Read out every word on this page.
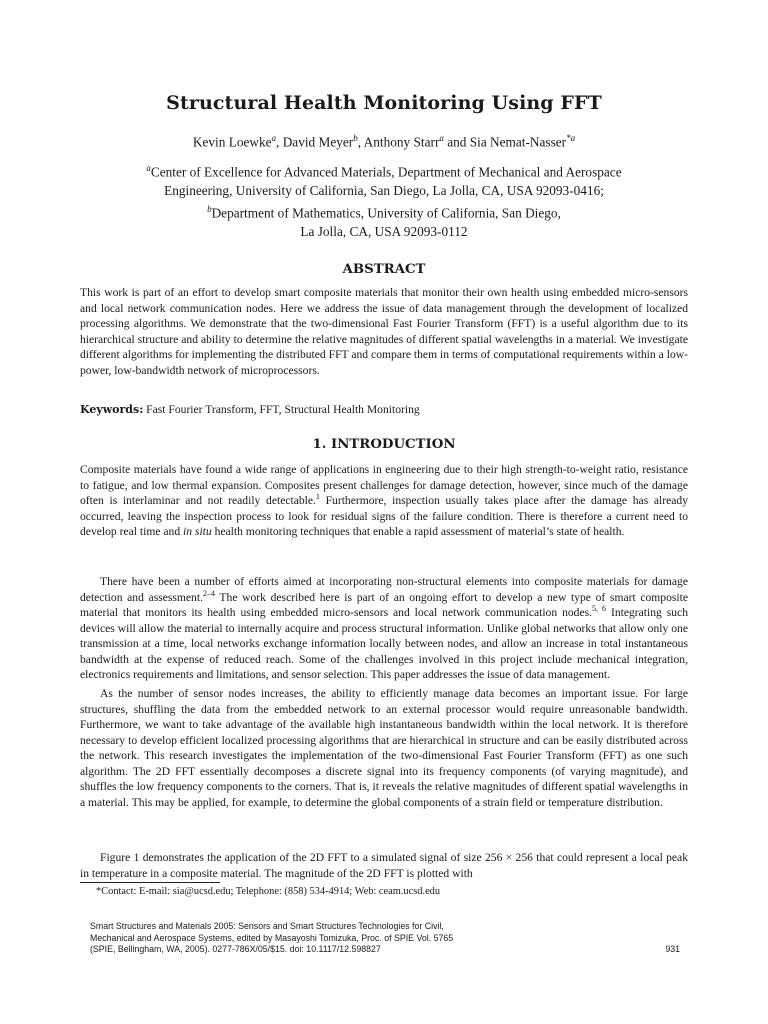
Structural Health Monitoring Using FFT
Kevin Loewke$^a$, David Meyer$^b$, Anthony Starr$^a$ and Sia Nemat-Nasser$^{*a}$
$^a$Center of Excellence for Advanced Materials, Department of Mechanical and Aerospace
Engineering, University of California, San Diego, La Jolla, CA, USA 92093-0416;
$^b$Department of Mathematics, University of California, San Diego,
La Jolla, CA, USA 92093-0112
ABSTRACT
This work is part of an effort to develop smart composite materials that monitor their own health using embedded micro-sensors and local network communication nodes. Here we address the issue of data management through the development of localized processing algorithms. We demonstrate that the two-dimensional Fast Fourier Transform (FFT) is a useful algorithm due to its hierarchical structure and ability to determine the relative magnitudes of different spatial wavelengths in a material. We investigate different algorithms for implementing the distributed FFT and compare them in terms of computational requirements within a low-power, low-bandwidth network of microprocessors.
Keywords: Fast Fourier Transform, FFT, Structural Health Monitoring
1. INTRODUCTION
Composite materials have found a wide range of applications in engineering due to their high strength-to-weight ratio, resistance to fatigue, and low thermal expansion. Composites present challenges for damage detection, however, since much of the damage often is interlaminar and not readily detectable.$^1$ Furthermore, inspection usually takes place after the damage has already occurred, leaving the inspection process to look for residual signs of the failure condition. There is therefore a current need to develop real time and in situ health monitoring techniques that enable a rapid assessment of material’s state of health.
There have been a number of efforts aimed at incorporating non-structural elements into composite materials for damage detection and assessment.$^{2-4}$ The work described here is part of an ongoing effort to develop a new type of smart composite material that monitors its health using embedded micro-sensors and local network communication nodes.$^{5, 6}$ Integrating such devices will allow the material to internally acquire and process structural information. Unlike global networks that allow only one transmission at a time, local networks exchange information locally between nodes, and allow an increase in total instantaneous bandwidth at the expense of reduced reach. Some of the challenges involved in this project include mechanical integration, electronics requirements and limitations, and sensor selection. This paper addresses the issue of data management.
As the number of sensor nodes increases, the ability to efficiently manage data becomes an important issue. For large structures, shuffling the data from the embedded network to an external processor would require unreasonable bandwidth. Furthermore, we want to take advantage of the available high instantaneous bandwidth within the local network. It is therefore necessary to develop efficient localized processing algorithms that are hierarchical in structure and can be easily distributed across the network. This research investigates the implementation of the two-dimensional Fast Fourier Transform (FFT) as one such algorithm. The 2D FFT essentially decomposes a discrete signal into its frequency components (of varying magnitude), and shuffles the low frequency components to the corners. That is, it reveals the relative magnitudes of different spatial wavelengths in a material. This may be applied, for example, to determine the global components of a strain field or temperature distribution.
Figure 1 demonstrates the application of the 2D FFT to a simulated signal of size 256 × 256 that could represent a local peak in temperature in a composite material. The magnitude of the 2D FFT is plotted with
*Contact: E-mail: sia@ucsd.edu; Telephone: (858) 534-4914; Web: ceam.ucsd.edu
Smart Structures and Materials 2005: Sensors and Smart Structures Technologies for Civil,
Mechanical and Aerospace Systems, edited by Masayoshi Tomizuka, Proc. of SPIE Vol. 5765
(SPIE, Bellingham, WA, 2005). 0277-786X/05/$15. doi: 10.1117/12.598827	931
